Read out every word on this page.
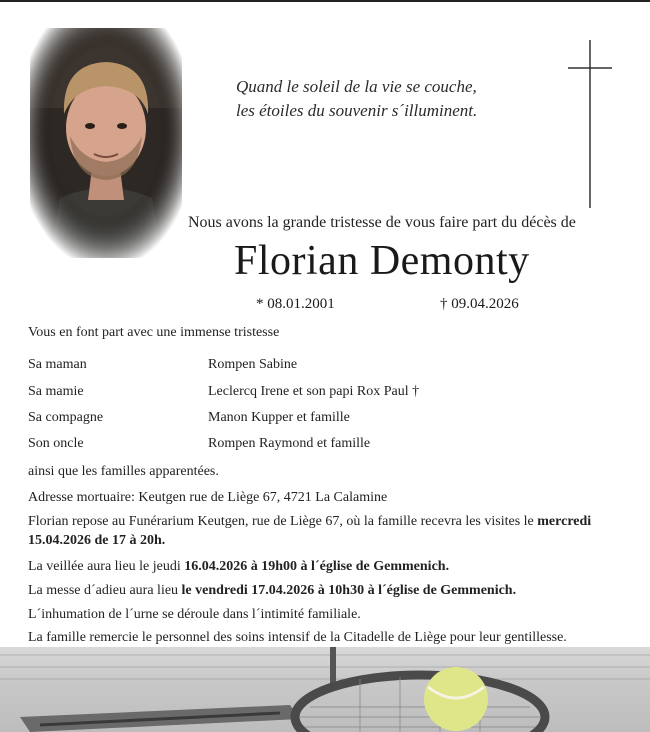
Quand le soleil de la vie se couche,
les étoiles du souvenir s´illuminent.
Nous avons la grande tristesse de vous faire part du décès de
Florian Demonty
* 08.01.2001	† 09.04.2026
Vous en font part avec une immense tristesse
Sa maman	Rompen Sabine
Sa mamie	Leclercq Irene et son papi Rox Paul †
Sa compagne	Manon Kupper et famille
Son oncle	Rompen Raymond et famille
ainsi que les familles apparentées.
Adresse mortuaire: Keutgen rue de Liège 67, 4721 La Calamine
Florian repose au Funérarium Keutgen, rue de Liège 67, où la famille recevra les visites le mercredi 15.04.2026 de 17 à 20h.
La veillée aura lieu le jeudi 16.04.2026 à 19h00 à l´église de Gemmenich.
La messe d´adieu aura lieu le vendredi 17.04.2026 à 10h30 à l´église de Gemmenich.
L´inhumation de l´urne se déroule dans l´intimité familiale.
La famille remercie le personnel des soins intensif de la Citadelle de Liège pour leur gentillesse.
